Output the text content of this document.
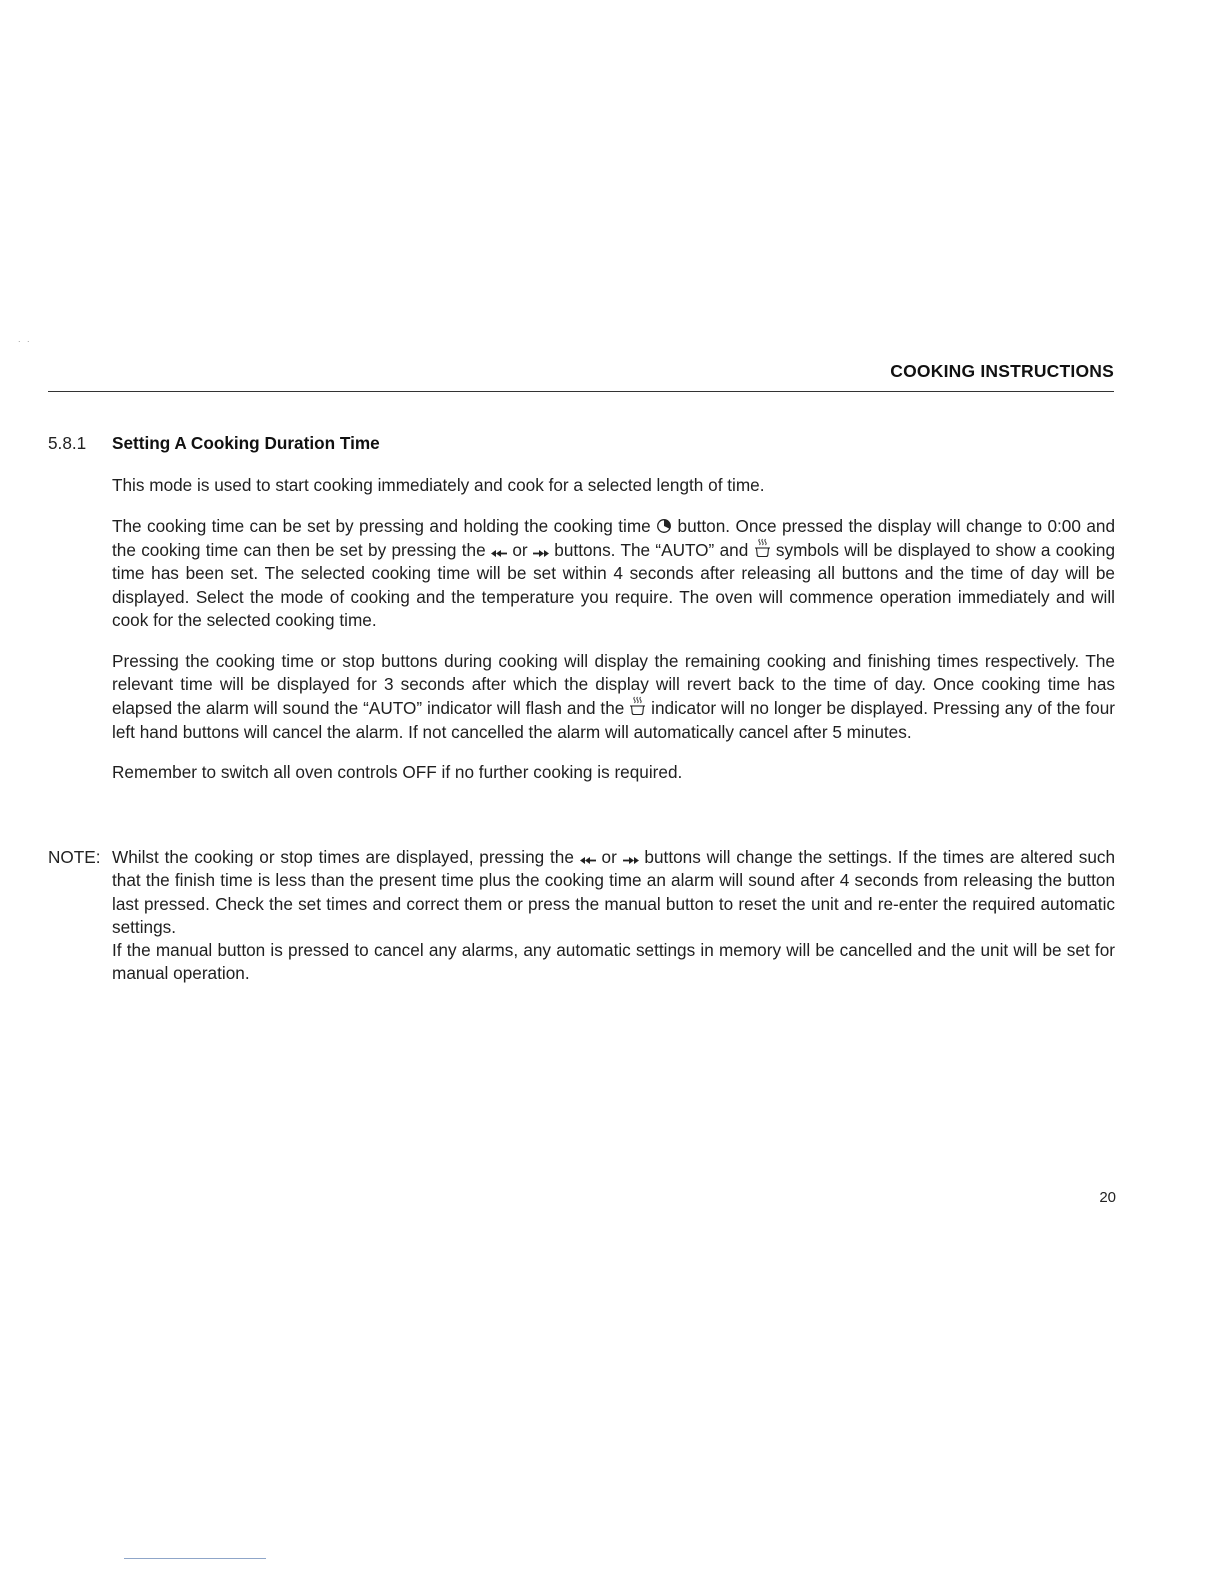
. .
COOKING INSTRUCTIONS
5.8.1 Setting A Cooking Duration Time

This mode is used to start cooking immediately and cook for a selected length of time.

The cooking time can be set by pressing and holding the cooking time button. Once pressed the display will change to 0:00 and the cooking time can then be set by pressing the or buttons. The “AUTO” and symbols will be displayed to show a cooking time has been set. The selected cooking time will be set within 4 seconds after releasing all buttons and the time of day will be displayed. Select the mode of cooking and the temperature you require. The oven will commence operation immediately and will cook for the selected cooking time.

Pressing the cooking time or stop buttons during cooking will display the remaining cooking and finishing times respectively. The relevant time will be displayed for 3 seconds after which the display will revert back to the time of day. Once cooking time has elapsed the alarm will sound the “AUTO” indicator will flash and the indicator will no longer be displayed. Pressing any of the four left hand buttons will cancel the alarm. If not cancelled the alarm will automatically cancel after 5 minutes.

Remember to switch all oven controls OFF if no further cooking is required.

NOTE: Whilst the cooking or stop times are displayed, pressing the or buttons will change the settings. If the times are altered such that the finish time is less than the present time plus the cooking time an alarm will sound after 4 seconds from releasing the button last pressed. Check the set times and correct them or press the manual button to reset the unit and re-enter the required automatic settings.

If the manual button is pressed to cancel any alarms, any automatic settings in memory will be cancelled and the unit will be set for manual operation.

20
